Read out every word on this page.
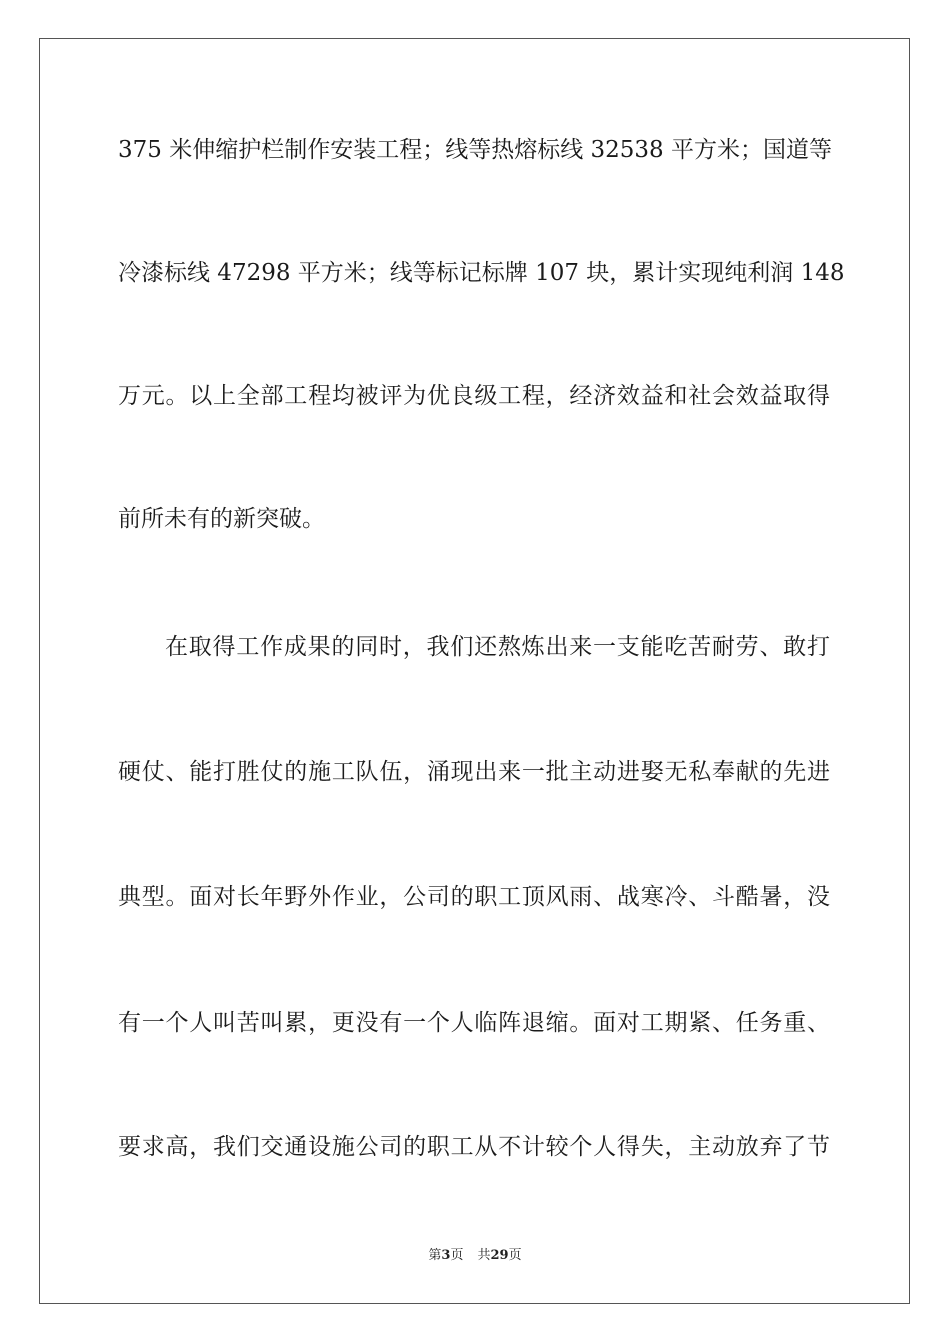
375 米伸缩护栏制作安装工程；线等热熔标线 32538 平方米；国道等
冷漆标线 47298 平方米；线等标记标牌 107 块，累计实现纯利润 148
万元。以上全部工程均被评为优良级工程，经济效益和社会效益取得
前所未有的新突破。
在取得工作成果的同时，我们还熬炼出来一支能吃苦耐劳、敢打
硬仗、能打胜仗的施工队伍，涌现出来一批主动进娶无私奉献的先进
典型。面对长年野外作业，公司的职工顶风雨、战寒冷、斗酷暑，没
有一个人叫苦叫累，更没有一个人临阵退缩。面对工期紧、任务重、
要求高，我们交通设施公司的职工从不计较个人得失，主动放弃了节
第3页 共29页
